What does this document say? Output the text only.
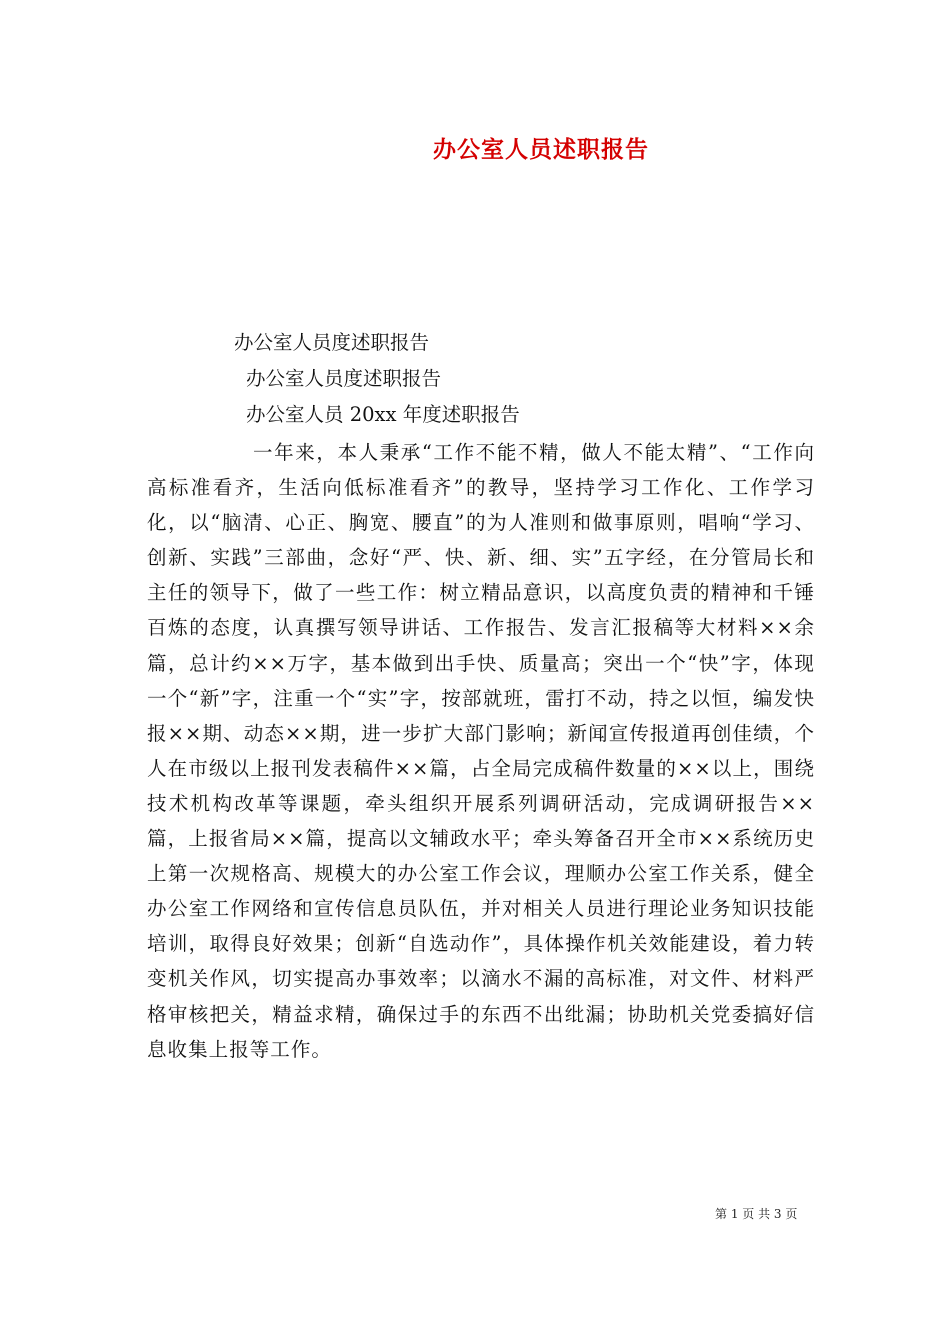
办公室人员述职报告
办公室人员度述职报告
办公室人员度述职报告
办公室人员 20xx 年度述职报告

一年来，本人秉承“工作不能不精，做人不能太精”、“工作向高标准看齐，生活向低标准看齐”的教导，坚持学习工作化、工作学习化，以“脑清、心正、胸宽、腰直”的为人准则和做事原则，唱响“学习、创新、实践”三部曲，念好“严、快、新、细、实”五字经，在分管局长和主任的领导下，做了一些工作：树立精品意识，以高度负责的精神和千锤百炼的态度，认真撰写领导讲话、工作报告、发言汇报稿等大材料××余篇，总计约××万字，基本做到出手快、质量高；突出一个“快”字，体现一个“新”字，注重一个“实”字，按部就班，雷打不动，持之以恒，编发快报××期、动态××期，进一步扩大部门影响；新闻宣传报道再创佳绩，个人在市级以上报刊发表稿件××篇，占全局完成稿件数量的××以上，围绕技术机构改革等课题，牵头组织开展系列调研活动，完成调研报告××篇，上报省局××篇，提高以文辅政水平；牵头筹备召开全市××系统历史上第一次规格高、规模大的办公室工作会议，理顺办公室工作关系，健全办公室工作网络和宣传信息员队伍，并对相关人员进行理论业务知识技能培训，取得良好效果；创新“自选动作”，具体操作机关效能建设，着力转变机关作风，切实提高办事效率；以滴水不漏的高标准，对文件、材料严格审核把关，精益求精，确保过手的东西不出纰漏；协助机关党委搞好信息收集上报等工作。

第 1 页 共 3 页
